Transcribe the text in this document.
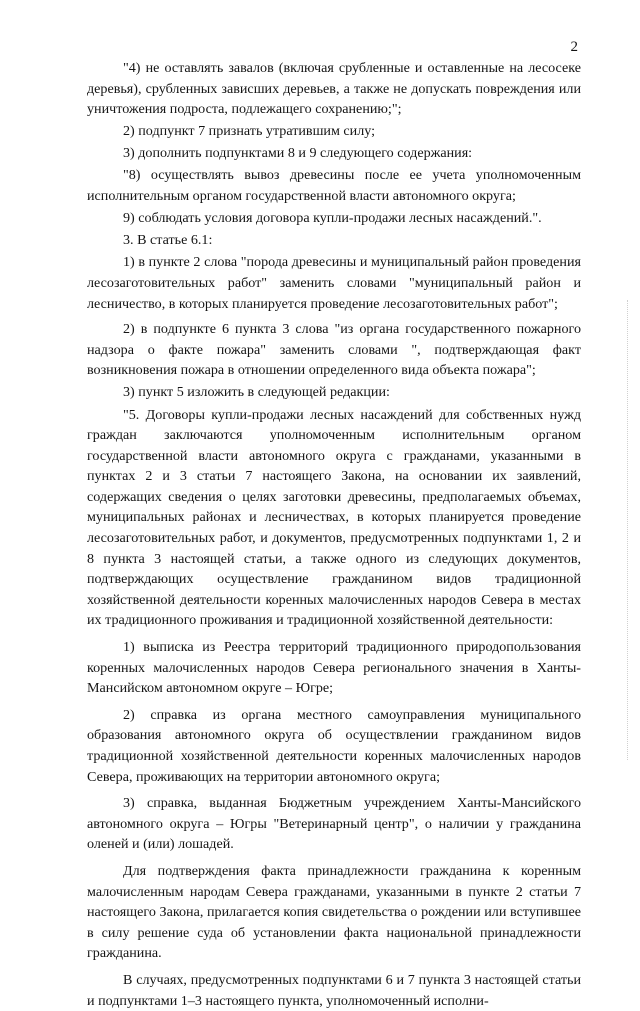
2

"4) не оставлять завалов (включая срубленные и оставленные на лесосеке деревья), срубленных зависших деревьев, а также не допускать повреждения или уничтожения подроста, подлежащего сохранению;";

2) подпункт 7 признать утратившим силу;

3) дополнить подпунктами 8 и 9 следующего содержания:

"8) осуществлять вывоз древесины после ее учета уполномоченным исполнительным органом государственной власти автономного округа;

9) соблюдать условия договора купли-продажи лесных насаждений.".

3. В статье 6.1:

1) в пункте 2 слова "порода древесины и муниципальный район проведения лесозаготовительных работ" заменить словами "муниципальный район и лесничество, в которых планируется проведение лесозаготовительных работ";

2) в подпункте 6 пункта 3 слова "из органа государственного пожарного надзора о факте пожара" заменить словами ", подтверждающая факт возникновения пожара в отношении определенного вида объекта пожара";

3) пункт 5 изложить в следующей редакции:

"5. Договоры купли-продажи лесных насаждений для собственных нужд граждан заключаются уполномоченным исполнительным органом государственной власти автономного округа с гражданами, указанными в пунктах 2 и 3 статьи 7 настоящего Закона, на основании их заявлений, содержащих сведения о целях заготовки древесины, предполагаемых объемах, муниципальных районах и лесничествах, в которых планируется проведение лесозаготовительных работ, и документов, предусмотренных подпунктами 1, 2 и 8 пункта 3 настоящей статьи, а также одного из следующих документов, подтверждающих осуществление гражданином видов традиционной хозяйственной деятельности коренных малочисленных народов Севера в местах их традиционного проживания и традиционной хозяйственной деятельности:

1) выписка из Реестра территорий традиционного природопользования коренных малочисленных народов Севера регионального значения в Ханты-Мансийском автономном округе – Югре;

2) справка из органа местного самоуправления муниципального образования автономного округа об осуществлении гражданином видов традиционной хозяйственной деятельности коренных малочисленных народов Севера, проживающих на территории автономного округа;

3) справка, выданная Бюджетным учреждением Ханты-Мансийского автономного округа – Югры "Ветеринарный центр", о наличии у гражданина оленей и (или) лошадей.

Для подтверждения факта принадлежности гражданина к коренным малочисленным народам Севера гражданами, указанными в пункте 2 статьи 7 настоящего Закона, прилагается копия свидетельства о рождении или вступившее в силу решение суда об установлении факта национальной принадлежности гражданина.

В случаях, предусмотренных подпунктами 6 и 7 пункта 3 настоящей статьи и подпунктами 1–3 настоящего пункта, уполномоченный исполни-
